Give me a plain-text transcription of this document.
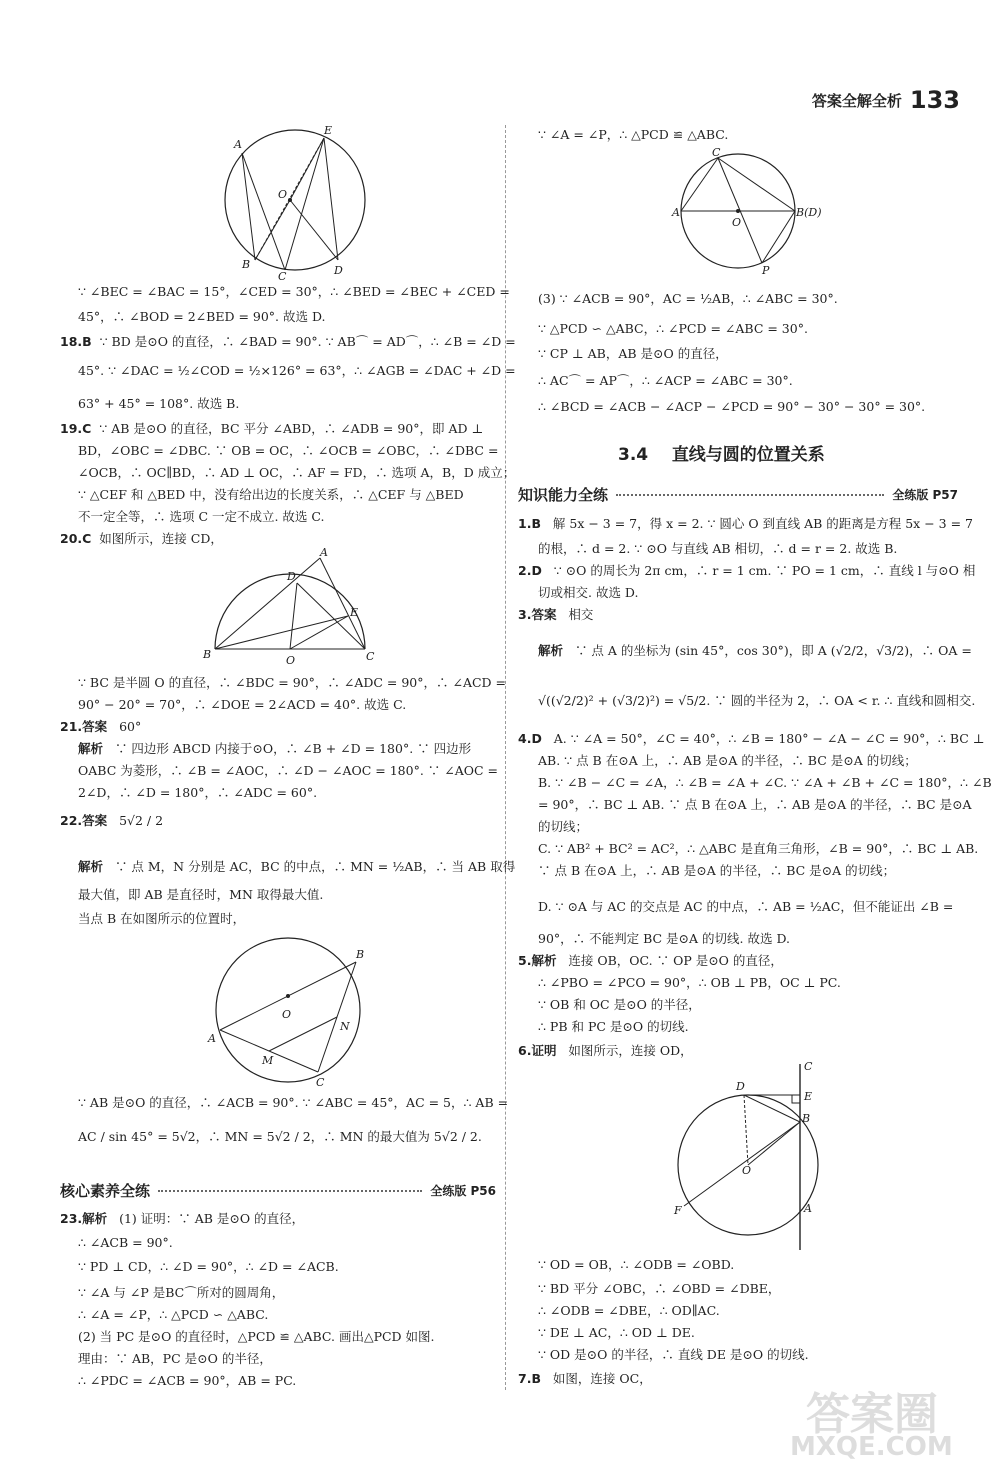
答案全解全析 133
A
E
O
B
C	D
∵ ∠BEC = ∠BAC = 15°，∠CED = 30°，∴ ∠BED = ∠BEC + ∠CED =
45°，∴ ∠BOD = 2∠BED = 90°. 故选 D.
18.B ∵ BD 是⊙O 的直径，∴ ∠BAD = 90°. ∵ AB⌒ = AD⌒，∴ ∠B = ∠D =
45°. ∵ ∠DAC = ½∠COD = ½×126° = 63°，∴ ∠AGB = ∠DAC + ∠D =
63° + 45° = 108°. 故选 B.
19.C ∵ AB 是⊙O 的直径，BC 平分 ∠ABD，∴ ∠ADB = 90°，即 AD ⊥
BD，∠OBC = ∠DBC. ∵ OB = OC，∴ ∠OCB = ∠OBC，∴ ∠DBC =
∠OCB，∴ OC∥BD，∴ AD ⊥ OC，∴ AF = FD，∴ 选项 A，B，D 成立；
∵ △CEF 和 △BED 中，没有给出边的长度关系，∴ △CEF 与 △BED
不一定全等，∴ 选项 C 一定不成立. 故选 C.
20.C 如图所示，连接 CD，
A
D
E
B	O	C
∵ BC 是半圆 O 的直径，∴ ∠BDC = 90°，∴ ∠ADC = 90°，∴ ∠ACD =
90° − 20° = 70°，∴ ∠DOE = 2∠ACD = 40°. 故选 C.
21.答案 60°
解析 ∵ 四边形 ABCD 内接于⊙O，∴ ∠B + ∠D = 180°. ∵ 四边形
OABC 为菱形，∴ ∠B = ∠AOC，∴ ∠D − ∠AOC = 180°. ∵ ∠AOC =
2∠D，∴ ∠D = 180°，∴ ∠ADC = 60°.
22.答案 5√2 / 2
解析 ∵ 点 M，N 分别是 AC，BC 的中点，∴ MN = ½AB，∴ 当 AB 取得
最大值，即 AB 是直径时，MN 取得最大值.
当点 B 在如图所示的位置时，
B
O
N
A
M
C
∵ AB 是⊙O 的直径，∴ ∠ACB = 90°. ∵ ∠ABC = 45°，AC = 5，∴ AB =
AC / sin 45° = 5√2，∴ MN = 5√2 / 2，∴ MN 的最大值为 5√2 / 2.
核心素养全练	全练版 P56
23.解析 (1) 证明：∵ AB 是⊙O 的直径，
∴ ∠ACB = 90°.
∵ PD ⊥ CD，∴ ∠D = 90°，∴ ∠D = ∠ACB.
∵ ∠A 与 ∠P 是BC⌒所对的圆周角，
∴ ∠A = ∠P，∴ △PCD ∽ △ABC.
(2) 当 PC 是⊙O 的直径时，△PCD ≌ △ABC. 画出△PCD 如图.
理由：∵ AB，PC 是⊙O 的半径，
∴ ∠PDC = ∠ACB = 90°，AB = PC.
∵ ∠A = ∠P，∴ △PCD ≌ △ABC.
C
A
O
B(D)
P
(3) ∵ ∠ACB = 90°，AC = ½AB，∴ ∠ABC = 30°.
∵ △PCD ∽ △ABC，∴ ∠PCD = ∠ABC = 30°.
∵ CP ⊥ AB，AB 是⊙O 的直径，
∴ AC⌒ = AP⌒，∴ ∠ACP = ∠ABC = 30°.
∴ ∠BCD = ∠ACB − ∠ACP − ∠PCD = 90° − 30° − 30° = 30°.
3.4 直线与圆的位置关系
知识能力全练	全练版 P57
1.B 解 5x − 3 = 7，得 x = 2. ∵ 圆心 O 到直线 AB 的距离是方程 5x − 3 = 7
的根，∴ d = 2. ∵ ⊙O 与直线 AB 相切，∴ d = r = 2. 故选 B.
2.D ∵ ⊙O 的周长为 2π cm，∴ r = 1 cm. ∵ PO = 1 cm，∴ 直线 l 与⊙O 相
切或相交. 故选 D.
3.答案 相交
解析 ∵ 点 A 的坐标为 (sin 45°，cos 30°)，即 A (√2/2，√3/2)，∴ OA =
√((√2/2)² + (√3/2)²) = √5/2. ∵ 圆的半径为 2，∴ OA < r. ∴ 直线和圆相交.
4.D A. ∵ ∠A = 50°，∠C = 40°，∴ ∠B = 180° − ∠A − ∠C = 90°，∴ BC ⊥
AB. ∵ 点 B 在⊙A 上，∴ AB 是⊙A 的半径，∴ BC 是⊙A 的切线；
B. ∵ ∠B − ∠C = ∠A，∴ ∠B = ∠A + ∠C. ∵ ∠A + ∠B + ∠C = 180°，∴ ∠B
= 90°，∴ BC ⊥ AB. ∵ 点 B 在⊙A 上，∴ AB 是⊙A 的半径，∴ BC 是⊙A
的切线；
C. ∵ AB² + BC² = AC²，∴ △ABC 是直角三角形，∠B = 90°，∴ BC ⊥ AB.
∵ 点 B 在⊙A 上，∴ AB 是⊙A 的半径，∴ BC 是⊙A 的切线；
D. ∵ ⊙A 与 AC 的交点是 AC 的中点，∴ AB = ½AC，但不能证出 ∠B =
90°，∴ 不能判定 BC 是⊙A 的切线. 故选 D.
5.解析 连接 OB，OC. ∵ OP 是⊙O 的直径，
∴ ∠PBO = ∠PCO = 90°，∴ OB ⊥ PB，OC ⊥ PC.
∵ OB 和 OC 是⊙O 的半径，
∴ PB 和 PC 是⊙O 的切线.
6.证明 如图所示，连接 OD，
C
D
E
B
O
A
F
∵ OD = OB，∴ ∠ODB = ∠OBD.
∵ BD 平分 ∠OBC，∴ ∠OBD = ∠DBE，
∴ ∠ODB = ∠DBE，∴ OD∥AC.
∵ DE ⊥ AC，∴ OD ⊥ DE.
∵ OD 是⊙O 的半径，∴ 直线 DE 是⊙O 的切线.
7.B 如图，连接 OC，
答案圈
MXQE.COM
